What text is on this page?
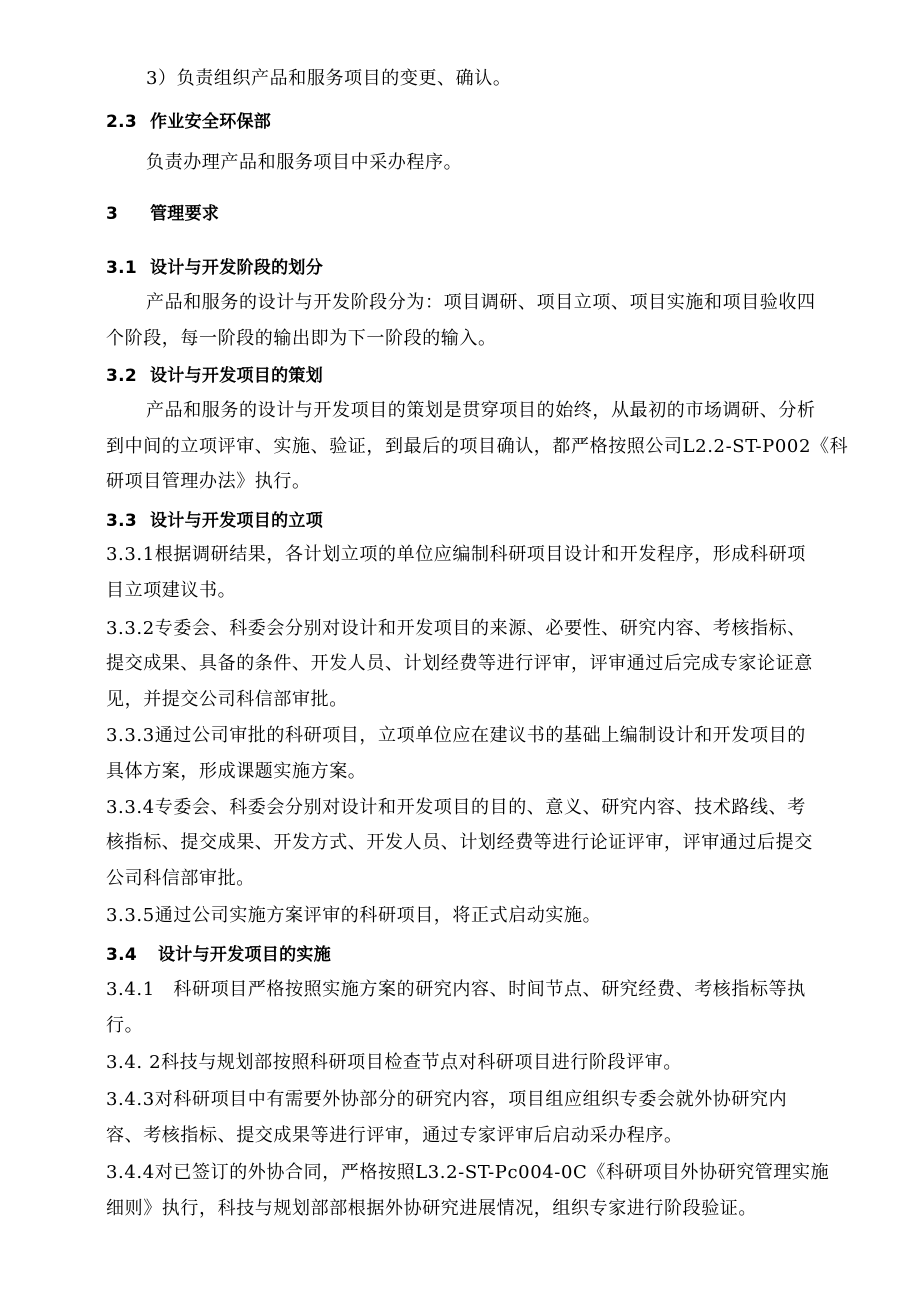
3）负责组织产品和服务项目的变更、确认。
2.3 作业安全环保部
负责办理产品和服务项目中采办程序。
3 管理要求
3.1 设计与开发阶段的划分
产品和服务的设计与开发阶段分为：项目调研、项目立项、项目实施和项目验收四
个阶段，每一阶段的输出即为下一阶段的输入。
3.2 设计与开发项目的策划
产品和服务的设计与开发项目的策划是贯穿项目的始终，从最初的市场调研、分析
到中间的立项评审、实施、验证，到最后的项目确认，都严格按照公司L2.2-ST-P002《科
研项目管理办法》执行。
3.3 设计与开发项目的立项
3.3.1根据调研结果，各计划立项的单位应编制科研项目设计和开发程序，形成科研项
目立项建议书。
3.3.2专委会、科委会分别对设计和开发项目的来源、必要性、研究内容、考核指标、
提交成果、具备的条件、开发人员、计划经费等进行评审，评审通过后完成专家论证意
见，并提交公司科信部审批。
3.3.3通过公司审批的科研项目，立项单位应在建议书的基础上编制设计和开发项目的
具体方案，形成课题实施方案。
3.3.4专委会、科委会分别对设计和开发项目的目的、意义、研究内容、技术路线、考
核指标、提交成果、开发方式、开发人员、计划经费等进行论证评审，评审通过后提交
公司科信部审批。
3.3.5通过公司实施方案评审的科研项目，将正式启动实施。
3.4 设计与开发项目的实施
3.4.1　科研项目严格按照实施方案的研究内容、时间节点、研究经费、考核指标等执
行。
3.4. 2科技与规划部按照科研项目检查节点对科研项目进行阶段评审。
3.4.3对科研项目中有需要外协部分的研究内容，项目组应组织专委会就外协研究内
容、考核指标、提交成果等进行评审，通过专家评审后启动采办程序。
3.4.4对已签订的外协合同，严格按照L3.2-ST-Pc004-0C《科研项目外协研究管理实施
细则》执行，科技与规划部部根据外协研究进展情况，组织专家进行阶段验证。
